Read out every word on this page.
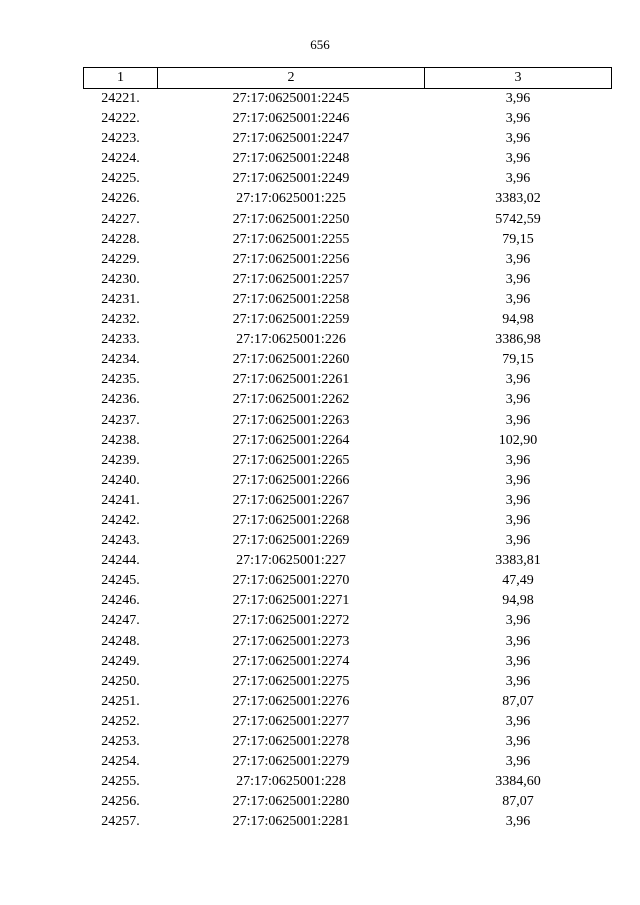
656
1	2	3
24221.	27:17:0625001:2245	3,96
24222.	27:17:0625001:2246	3,96
24223.	27:17:0625001:2247	3,96
24224.	27:17:0625001:2248	3,96
24225.	27:17:0625001:2249	3,96
24226.	27:17:0625001:225	3383,02
24227.	27:17:0625001:2250	5742,59
24228.	27:17:0625001:2255	79,15
24229.	27:17:0625001:2256	3,96
24230.	27:17:0625001:2257	3,96
24231.	27:17:0625001:2258	3,96
24232.	27:17:0625001:2259	94,98
24233.	27:17:0625001:226	3386,98
24234.	27:17:0625001:2260	79,15
24235.	27:17:0625001:2261	3,96
24236.	27:17:0625001:2262	3,96
24237.	27:17:0625001:2263	3,96
24238.	27:17:0625001:2264	102,90
24239.	27:17:0625001:2265	3,96
24240.	27:17:0625001:2266	3,96
24241.	27:17:0625001:2267	3,96
24242.	27:17:0625001:2268	3,96
24243.	27:17:0625001:2269	3,96
24244.	27:17:0625001:227	3383,81
24245.	27:17:0625001:2270	47,49
24246.	27:17:0625001:2271	94,98
24247.	27:17:0625001:2272	3,96
24248.	27:17:0625001:2273	3,96
24249.	27:17:0625001:2274	3,96
24250.	27:17:0625001:2275	3,96
24251.	27:17:0625001:2276	87,07
24252.	27:17:0625001:2277	3,96
24253.	27:17:0625001:2278	3,96
24254.	27:17:0625001:2279	3,96
24255.	27:17:0625001:228	3384,60
24256.	27:17:0625001:2280	87,07
24257.	27:17:0625001:2281	3,96
